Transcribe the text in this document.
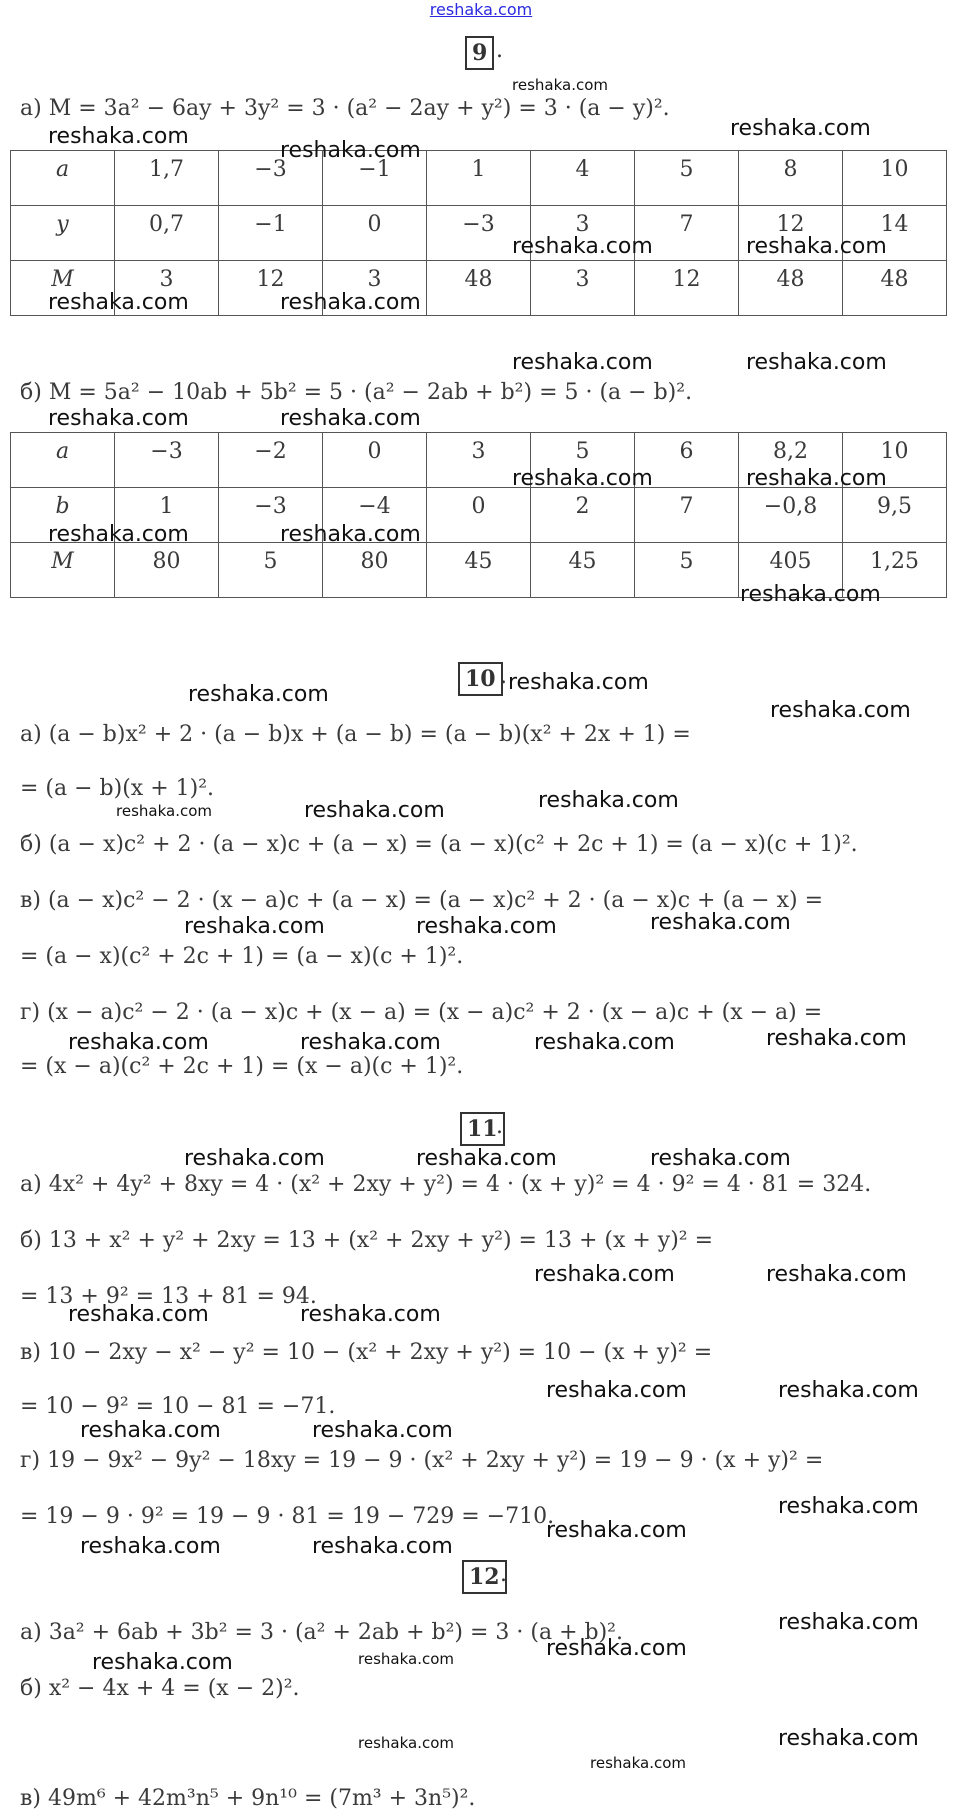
reshaka.com
9 .
а) M = 3a² − 6ay + 3y² = 3 · (a² − 2ay + y²) = 3 · (a − y)².
a	1,7	−3	−1	1	4	5	8	10
y	0,7	−1	0	−3	3	7	12	14
M	3	12	3	48	3	12	48	48
б) M = 5a² − 10ab + 5b² = 5 · (a² − 2ab + b²) = 5 · (a − b)².
a	−3	−2	0	3	5	6	8,2	10
b	1	−3	−4	0	2	7	−0,8	9,5
M	80	5	80	45	45	5	405	1,25
10 .
а) (a − b)x² + 2 · (a − b)x + (a − b) = (a − b)(x² + 2x + 1) =
= (a − b)(x + 1)².
б) (a − x)c² + 2 · (a − x)c + (a − x) = (a − x)(c² + 2c + 1) = (a − x)(c + 1)².
в) (a − x)c² − 2 · (x − a)c + (a − x) = (a − x)c² + 2 · (a − x)c + (a − x) =
= (a − x)(c² + 2c + 1) = (a − x)(c + 1)².
г) (x − a)c² − 2 · (a − x)c + (x − a) = (x − a)c² + 2 · (x − a)c + (x − a) =
= (x − a)(c² + 2c + 1) = (x − a)(c + 1)².
11
.
а) 4x² + 4y² + 8xy = 4 · (x² + 2xy + y²) = 4 · (x + y)² = 4 · 9² = 4 · 81 = 324.
б) 13 + x² + y² + 2xy = 13 + (x² + 2xy + y²) = 13 + (x + y)² =
= 13 + 9² = 13 + 81 = 94.
в) 10 − 2xy − x² − y² = 10 − (x² + 2xy + y²) = 10 − (x + y)² =
= 10 − 9² = 10 − 81 = −71.
г) 19 − 9x² − 9y² − 18xy = 19 − 9 · (x² + 2xy + y²) = 19 − 9 · (x + y)² =
= 19 − 9 · 9² = 19 − 9 · 81 = 19 − 729 = −710.
12 .
а) 3a² + 6ab + 3b² = 3 · (a² + 2ab + b²) = 3 · (a + b)².
б) x² − 4x + 4 = (x − 2)².
в) 49m⁶ + 42m³n⁵ + 9n¹⁰ = (7m³ + 3n⁵)².
reshaka.com
reshaka.com
reshaka.com
reshaka.com
reshaka.com	reshaka.com
reshaka.com	reshaka.com
reshaka.com	reshaka.com
reshaka.com	reshaka.com
reshaka.com	reshaka.com
reshaka.com	reshaka.com
reshaka.com
reshaka.com
reshaka.com
reshaka.com
reshaka.com	reshaka.com
reshaka.com
reshaka.com	reshaka.com	reshaka.com
reshaka.com	reshaka.com	reshaka.com	reshaka.com
reshaka.com	reshaka.com	reshaka.com
reshaka.com	reshaka.com
reshaka.com	reshaka.com
reshaka.com	reshaka.com
reshaka.com	reshaka.com
reshaka.com
reshaka.com
reshaka.com	reshaka.com
reshaka.com
reshaka.com
reshaka.com	reshaka.com
reshaka.com
reshaka.com
reshaka.com
